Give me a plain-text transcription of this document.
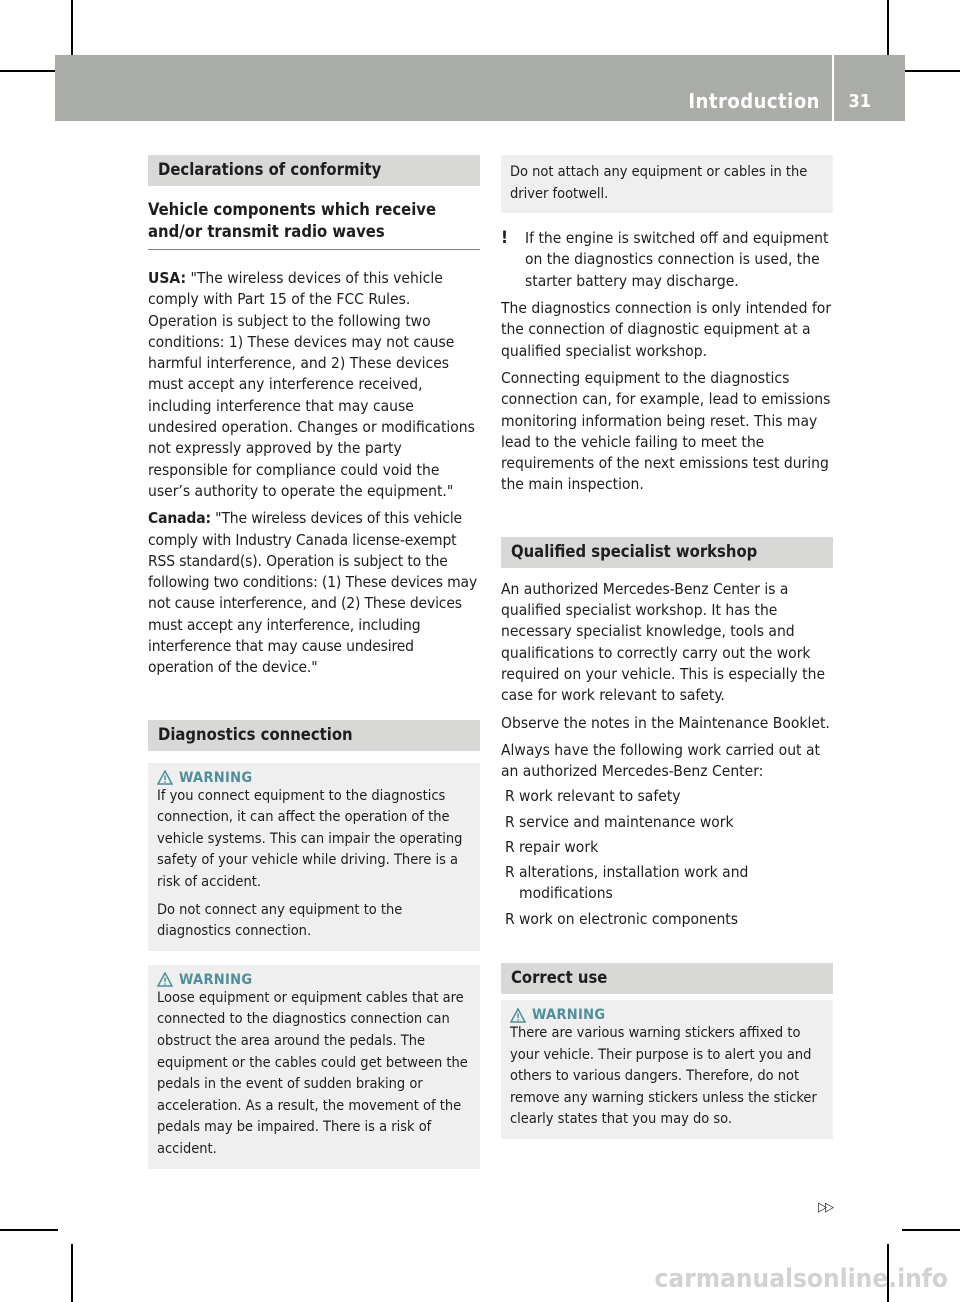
Introduction 31
Declarations of conformity
Vehicle components which receive and/or transmit radio waves

USA: "The wireless devices of this vehicle comply with Part 15 of the FCC Rules. Operation is subject to the following two conditions: 1) These devices may not cause harmful interference, and 2) These devices must accept any interference received, including interference that may cause undesired operation. Changes or modifications not expressly approved by the party responsible for compliance could void the user’s authority to operate the equipment."

Canada: "The wireless devices of this vehicle comply with Industry Canada license-exempt RSS standard(s). Operation is subject to the following two conditions: (1) These devices may not cause interference, and (2) These devices must accept any interference, including interference that may cause undesired operation of the device."

Diagnostics connection
WARNING

If you connect equipment to the diagnostics connection, it can affect the operation of the vehicle systems. This can impair the operating safety of your vehicle while driving. There is a risk of accident.

Do not connect any equipment to the diagnostics connection.

WARNING

Loose equipment or equipment cables that are connected to the diagnostics connection can obstruct the area around the pedals. The equipment or the cables could get between the pedals in the event of sudden braking or acceleration. As a result, the movement of the pedals may be impaired. There is a risk of accident.

Do not attach any equipment or cables in the driver footwell.

!	If the engine is switched off and equipment on the diagnostics connection is used, the starter battery may discharge.

The diagnostics connection is only intended for the connection of diagnostic equipment at a qualified specialist workshop.

Connecting equipment to the diagnostics connection can, for example, lead to emissions monitoring information being reset. This may lead to the vehicle failing to meet the requirements of the next emissions test during the main inspection.

Qualified specialist workshop

An authorized Mercedes-Benz Center is a qualified specialist workshop. It has the necessary specialist knowledge, tools and qualifications to correctly carry out the work required on your vehicle. This is especially the case for work relevant to safety.

Observe the notes in the Maintenance Booklet.

Always have the following work carried out at an authorized Mercedes-Benz Center:

R work relevant to safety
R service and maintenance work
R repair work
R alterations, installation work and modifications
R work on electronic components
Correct use
WARNING

There are various warning stickers affixed to your vehicle. Their purpose is to alert you and others to various dangers. Therefore, do not remove any warning stickers unless the sticker clearly states that you may do so.

▷▷
carmanualsonline.info
